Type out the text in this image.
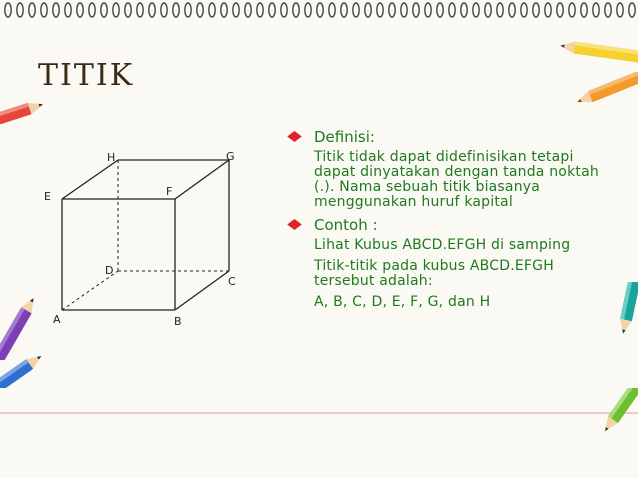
TITIK
A	B
C
D
E	F
G
H
Definisi:
Titik tidak dapat didefinisikan tetapi dapat dinyatakan dengan tanda noktah (.). Nama sebuah titik biasanya menggunakan huruf kapital
Contoh :
Lihat Kubus ABCD.EFGH di samping
Titik-titik pada kubus ABCD.EFGH tersebut adalah:
A, B, C, D, E, F, G, dan H
